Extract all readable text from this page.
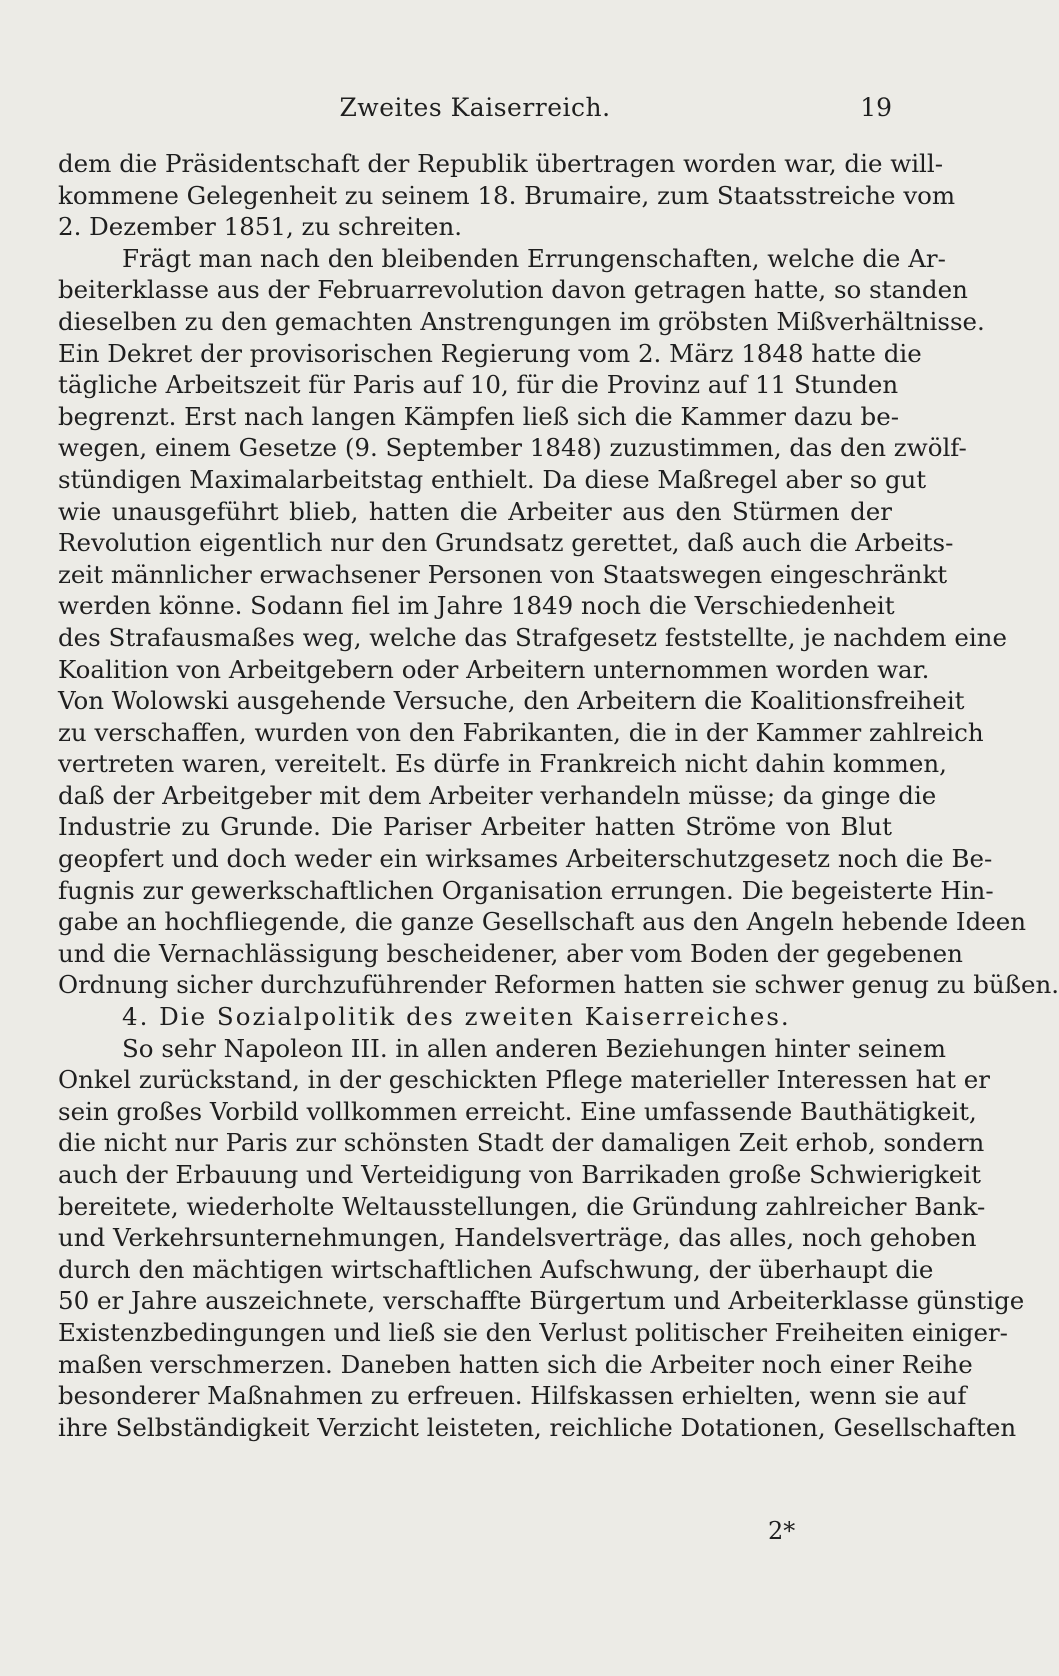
Zweites Kaiserreich.	19
dem die Präsidentschaft der Republik übertragen worden war, die will-
kommene Gelegenheit zu seinem 18. Brumaire, zum Staatsstreiche vom
2. Dezember 1851, zu schreiten.
Frägt man nach den bleibenden Errungenschaften, welche die Ar-
beiterklasse aus der Februarrevolution davon getragen hatte, so standen
dieselben zu den gemachten Anstrengungen im gröbsten Mißverhältnisse.
Ein Dekret der provisorischen Regierung vom 2. März 1848 hatte die
tägliche Arbeitszeit für Paris auf 10, für die Provinz auf 11 Stunden
begrenzt. Erst nach langen Kämpfen ließ sich die Kammer dazu be-
wegen, einem Gesetze (9. September 1848) zuzustimmen, das den zwölf-
stündigen Maximalarbeitstag enthielt. Da diese Maßregel aber so gut
wie unausgeführt blieb, hatten die Arbeiter aus den Stürmen der
Revolution eigentlich nur den Grundsatz gerettet, daß auch die Arbeits-
zeit männlicher erwachsener Personen von Staatswegen eingeschränkt
werden könne. Sodann fiel im Jahre 1849 noch die Verschiedenheit
des Strafausmaßes weg, welche das Strafgesetz feststellte, je nachdem eine
Koalition von Arbeitgebern oder Arbeitern unternommen worden war.
Von Wolowski ausgehende Versuche, den Arbeitern die Koalitionsfreiheit
zu verschaffen, wurden von den Fabrikanten, die in der Kammer zahlreich
vertreten waren, vereitelt. Es dürfe in Frankreich nicht dahin kommen,
daß der Arbeitgeber mit dem Arbeiter verhandeln müsse; da ginge die
Industrie zu Grunde. Die Pariser Arbeiter hatten Ströme von Blut
geopfert und doch weder ein wirksames Arbeiterschutzgesetz noch die Be-
fugnis zur gewerkschaftlichen Organisation errungen. Die begeisterte Hin-
gabe an hochfliegende, die ganze Gesellschaft aus den Angeln hebende Ideen
und die Vernachlässigung bescheidener, aber vom Boden der gegebenen
Ordnung sicher durchzuführender Reformen hatten sie schwer genug zu büßen.
4. Die Sozialpolitik des zweiten Kaiserreiches.
So sehr Napoleon III. in allen anderen Beziehungen hinter seinem
Onkel zurückstand, in der geschickten Pflege materieller Interessen hat er
sein großes Vorbild vollkommen erreicht. Eine umfassende Bauthätigkeit,
die nicht nur Paris zur schönsten Stadt der damaligen Zeit erhob, sondern
auch der Erbauung und Verteidigung von Barrikaden große Schwierigkeit
bereitete, wiederholte Weltausstellungen, die Gründung zahlreicher Bank-
und Verkehrsunternehmungen, Handelsverträge, das alles, noch gehoben
durch den mächtigen wirtschaftlichen Aufschwung, der überhaupt die
50 er Jahre auszeichnete, verschaffte Bürgertum und Arbeiterklasse günstige
Existenzbedingungen und ließ sie den Verlust politischer Freiheiten einiger-
maßen verschmerzen. Daneben hatten sich die Arbeiter noch einer Reihe
besonderer Maßnahmen zu erfreuen. Hilfskassen erhielten, wenn sie auf
ihre Selbständigkeit Verzicht leisteten, reichliche Dotationen, Gesellschaften
2*
